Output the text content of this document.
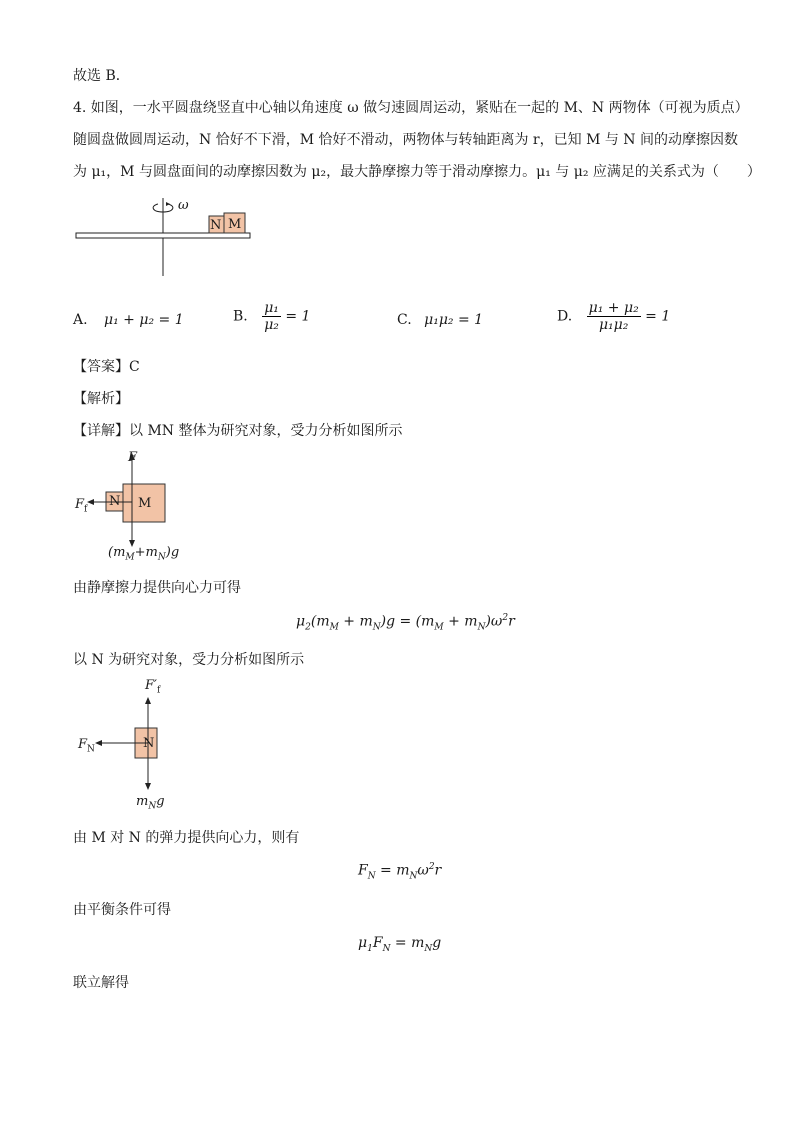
故选 B．
4. 如图，一水平圆盘绕竖直中心轴以角速度 ω 做匀速圆周运动，紧贴在一起的 M、N 两物体（可视为质点）
随圆盘做圆周运动，N 恰好不下滑，M 恰好不滑动，两物体与转轴距离为 r，已知 M 与 N 间的动摩擦因数
为 μ₁，M 与圆盘面间的动摩擦因数为 μ₂，最大静摩擦力等于滑动摩擦力。μ₁ 与 μ₂ 应满足的关系式为（　　）
ω
N M
A. μ₁ + μ₂ = 1	B. $\frac{\text{μ₁}}{\text{μ₂}} = 1$	C. μ₁μ₂ = 1	D. $\frac{\text{μ₁ + μ₂}}{\text{μ₁μ₂}} = 1$
【答案】C
【解析】
【详解】以 MN 整体为研究对象，受力分析如图所示
F
$F_f$
N M
$(m_M+m_N)g$
由静摩擦力提供向心力可得
$\mu_2(m_M + m_N)g = (m_M + m_N)\omega^2r$
以 N 为研究对象，受力分析如图所示
$F'_f$
$F_N$	N
$m_Ng$
由 M 对 N 的弹力提供向心力，则有
$F_N = m_N\omega^2r$
由平衡条件可得
$\mu_1F_N = m_Ng$
联立解得
